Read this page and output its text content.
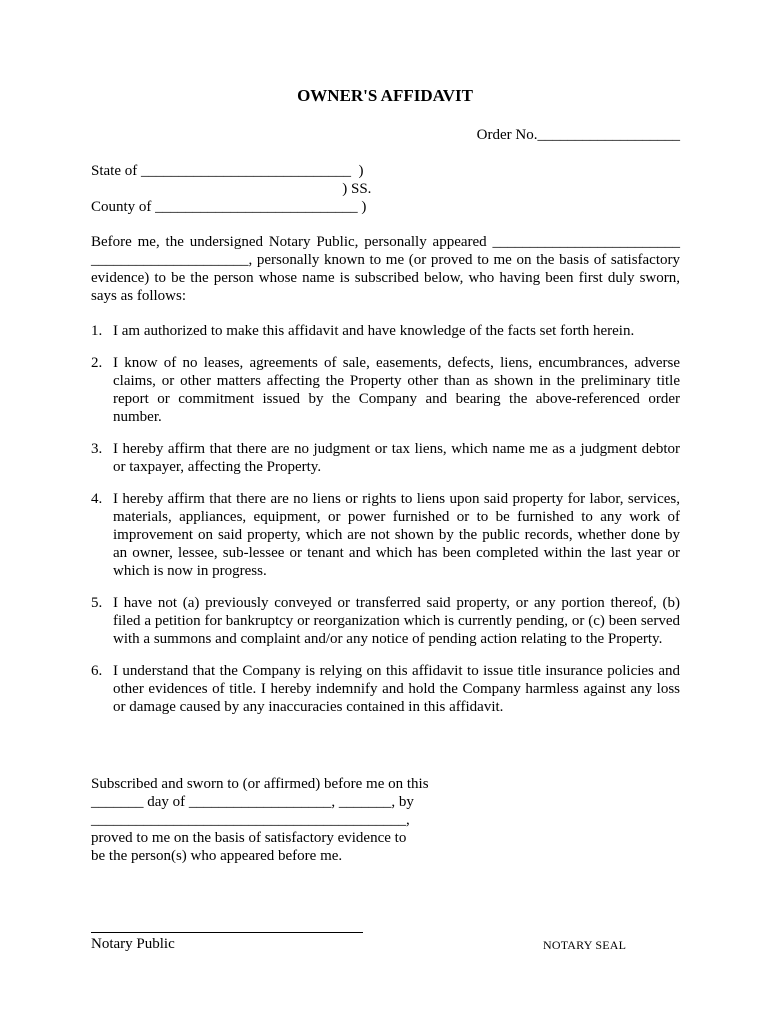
OWNER'S AFFIDAVIT
Order No.___________________
State of ____________________________  )
) SS.
County of ___________________________ )
Before me, the undersigned Notary Public, personally appeared _________________________ _____________________, personally known to me (or proved to me on the basis of satisfactory evidence) to be the person whose name is subscribed below, who having been first duly sworn, says as follows:
1. I am authorized to make this affidavit and have knowledge of the facts set forth herein.
2. I know of no leases, agreements of sale, easements, defects, liens, encumbrances, adverse claims, or other matters affecting the Property other than as shown in the preliminary title report or commitment issued by the Company and bearing the above-referenced order number.
3. I hereby affirm that there are no judgment or tax liens, which name me as a judgment debtor or taxpayer, affecting the Property.
4. I hereby affirm that there are no liens or rights to liens upon said property for labor, services, materials, appliances, equipment, or power furnished or to be furnished to any work of improvement on said property, which are not shown by the public records, whether done by an owner, lessee, sub-lessee or tenant and which has been completed within the last year or which is now in progress.
5. I have not (a) previously conveyed or transferred said property, or any portion thereof, (b) filed a petition for bankruptcy or reorganization which is currently pending, or (c) been served with a summons and complaint and/or any notice of pending action relating to the Property.
6. I understand that the Company is relying on this affidavit to issue title insurance policies and other evidences of title. I hereby indemnify and hold the Company harmless against any loss or damage caused by any inaccuracies contained in this affidavit.
Subscribed and sworn to (or affirmed) before me on this
_______ day of ___________________, _______, by
__________________________________________,
proved to me on the basis of satisfactory evidence to
be the person(s) who appeared before me.
Notary Public	NOTARY SEAL
